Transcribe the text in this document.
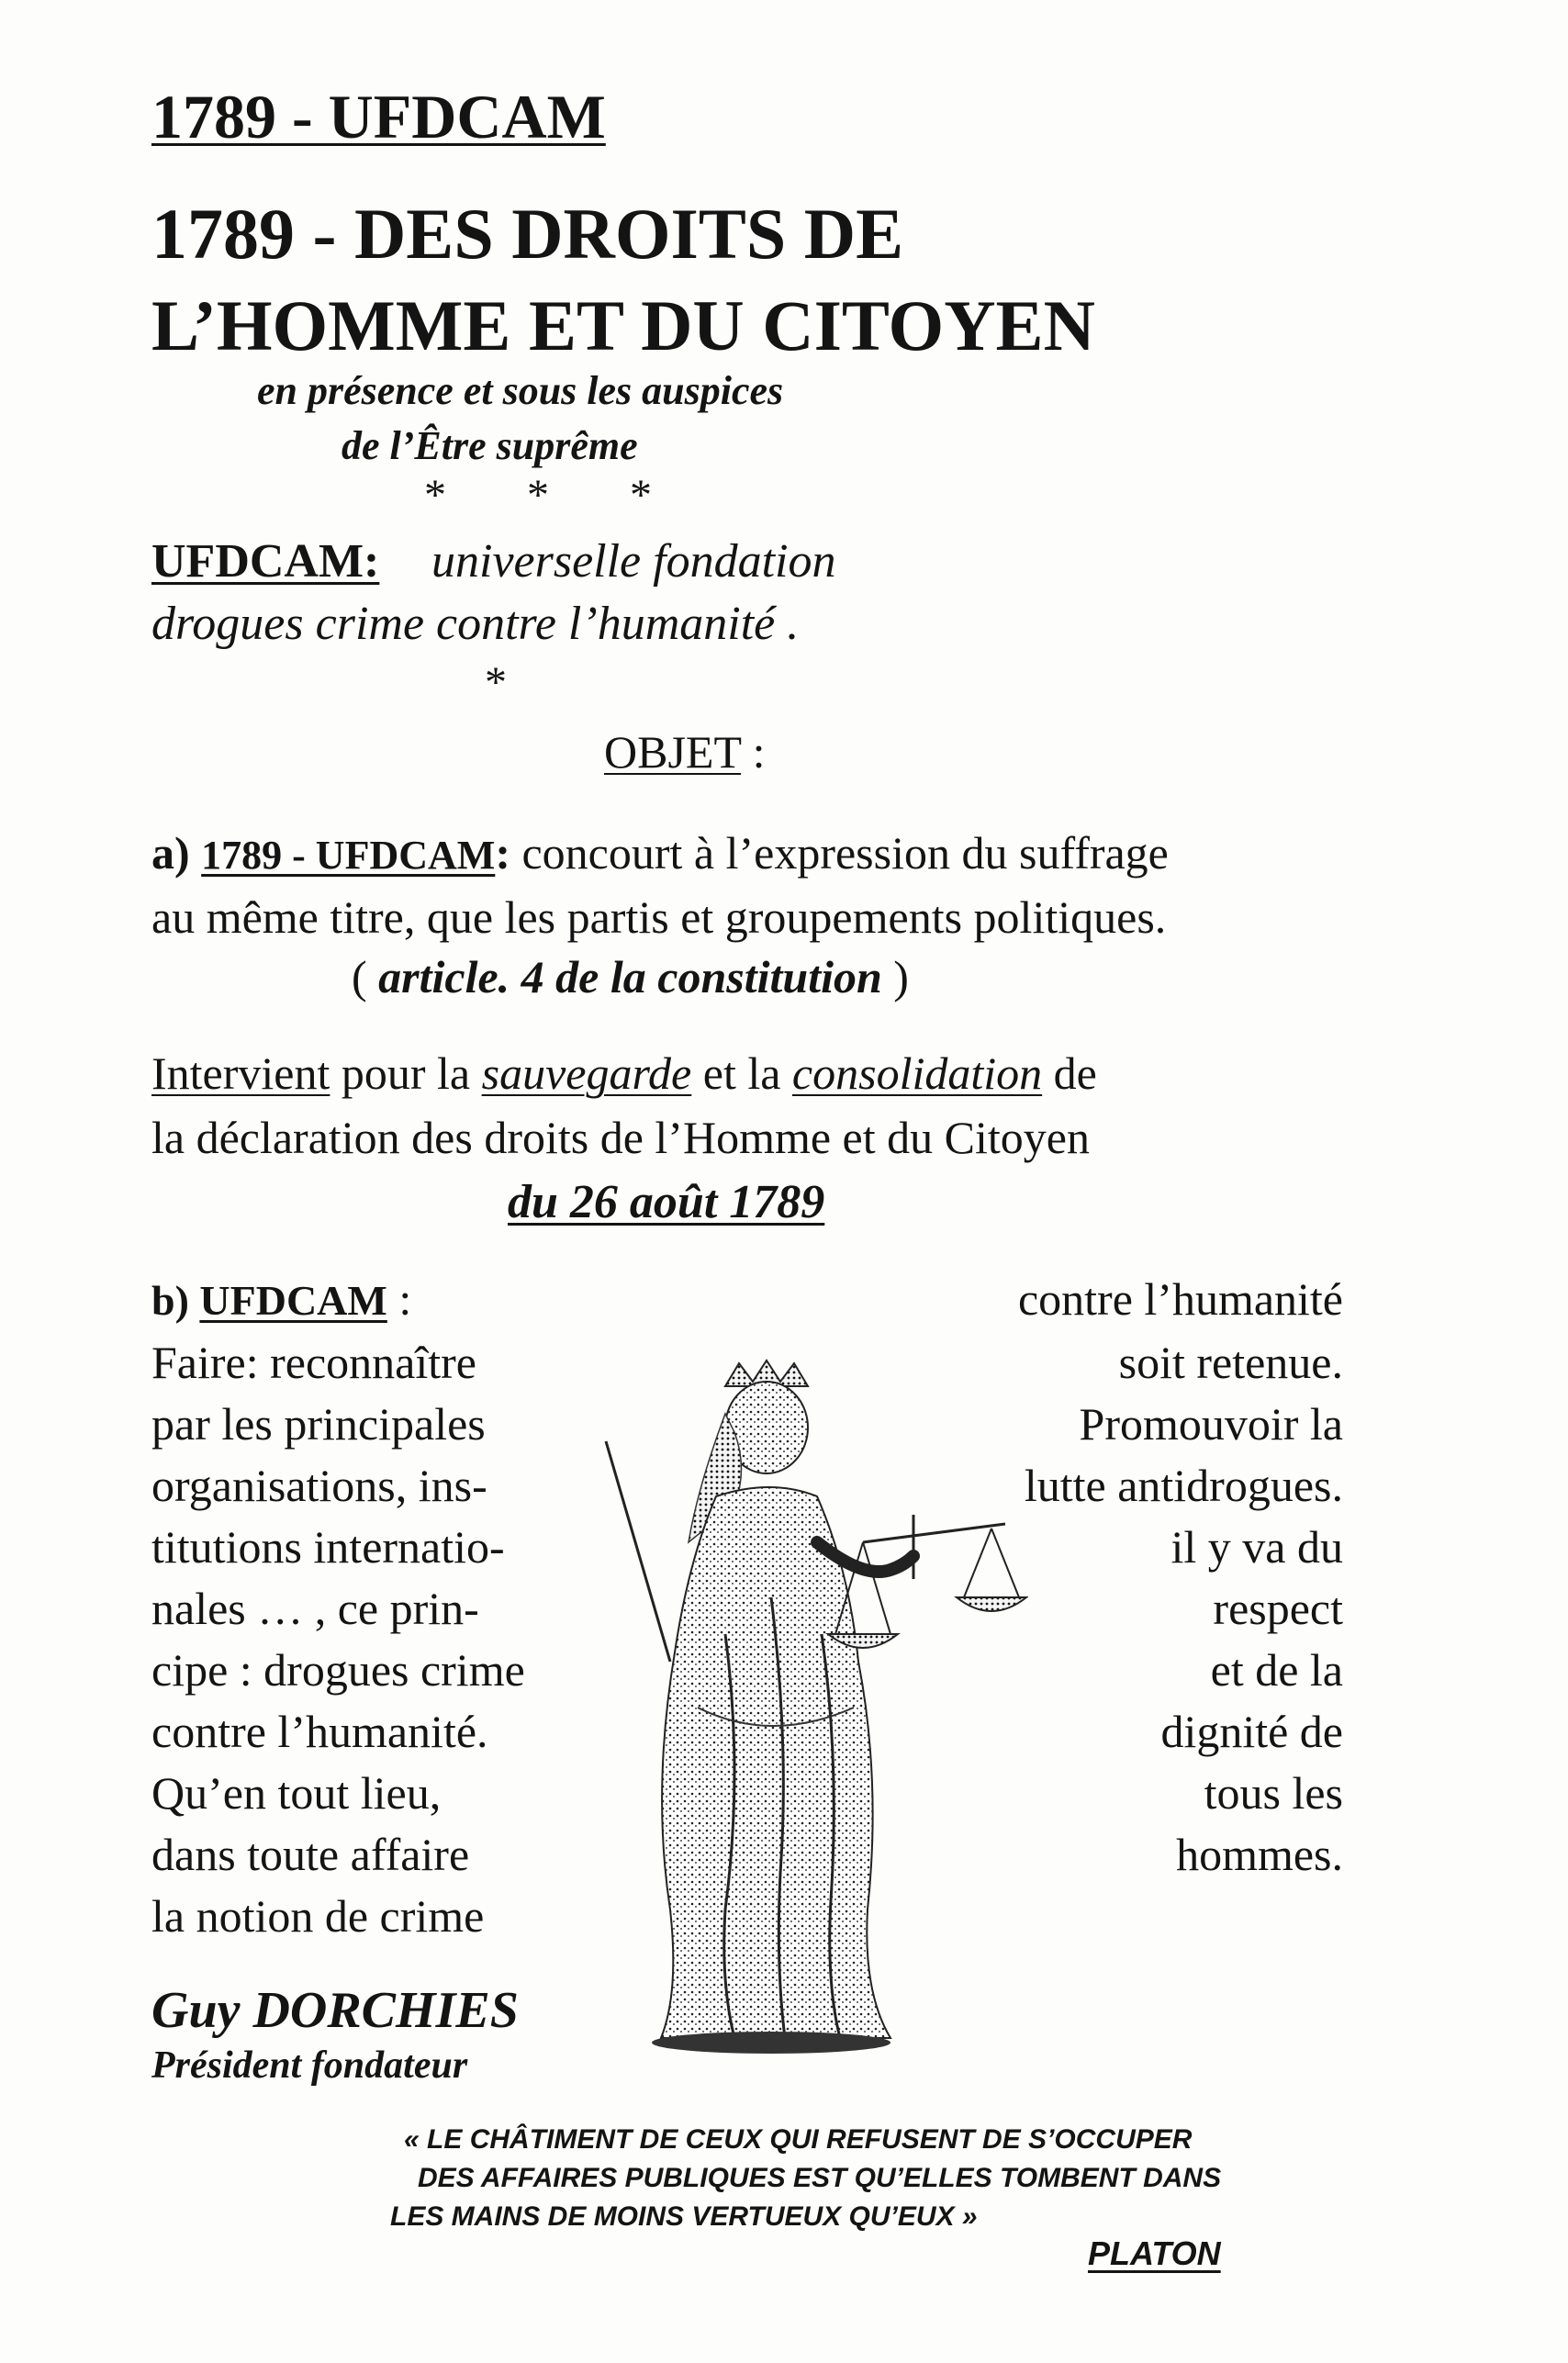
1789 - UFDCAM
1789 - DES DROITS DE
L’HOMME ET DU CITOYEN
en présence et sous les auspices
de l’Être suprême
* * *
UFDCAM: universelle fondation
drogues crime contre l’humanité .
*
OBJET :
a) 1789 - UFDCAM: concourt à l’expression du suffrage
au même titre, que les partis et groupements politiques.
( article. 4 de la constitution )
Intervient pour la sauvegarde et la consolidation de
la déclaration des droits de l’Homme et du Citoyen
du 26 août 1789
b) UFDCAM :
Faire: reconnaître
par les principales
organisations, ins-
titutions internatio-
nales … , ce prin-
cipe : drogues crime
contre l’humanité.
Qu’en tout lieu,
dans toute affaire
la notion de crime
contre l’humanité
soit retenue.
Promouvoir la
lutte antidrogues.
il y va du
respect
et de la
dignité de
tous les
hommes.
Guy DORCHIES
Président fondateur
« LE CHÂTIMENT DE CEUX QUI REFUSENT DE S’OCCUPER
DES AFFAIRES PUBLIQUES EST QU’ELLES TOMBENT DANS
LES MAINS DE MOINS VERTUEUX QU’EUX »
PLATON
